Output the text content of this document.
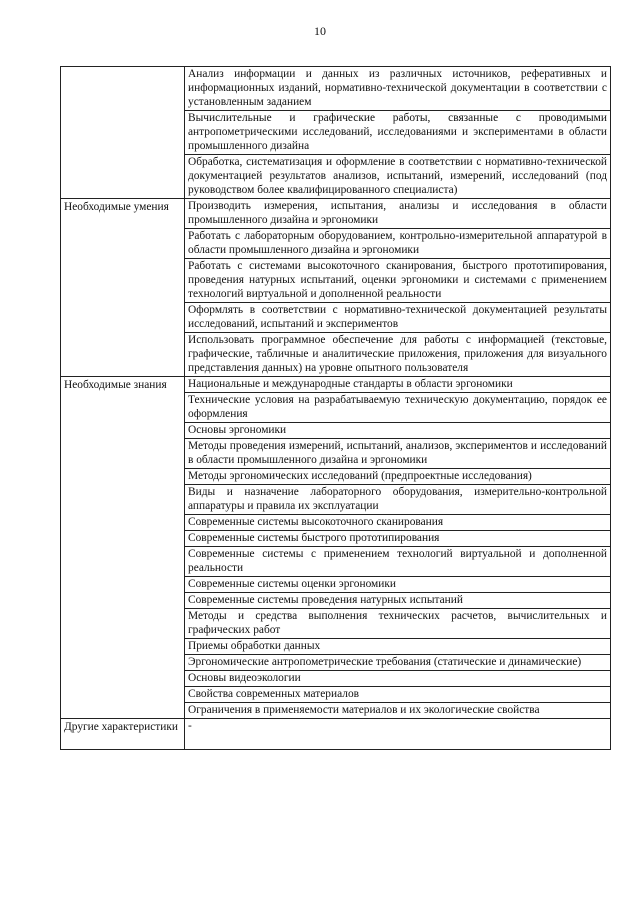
10
	Анализ информации и данных из различных источников, реферативных и информационных изданий, нормативно-технической документации в соответствии с установленным заданием
	Вычислительные и графические работы, связанные с проводимыми антропометрическими исследований, исследованиями и экспериментами в области промышленного дизайна
	Обработка, систематизация и оформление в соответствии с нормативно-технической документацией результатов анализов, испытаний, измерений, исследований (под руководством более квалифицированного специалиста)
Необходимые умения	Производить измерения, испытания, анализы и исследования в области промышленного дизайна и эргономики
	Работать с лабораторным оборудованием, контрольно-измерительной аппаратурой в области промышленного дизайна и эргономики
	Работать с системами высокоточного сканирования, быстрого прототипирования, проведения натурных испытаний, оценки эргономики и системами с применением технологий виртуальной и дополненной реальности
	Оформлять в соответствии с нормативно-технической документацией результаты исследований, испытаний и экспериментов
	Использовать программное обеспечение для работы с информацией (текстовые, графические, табличные и аналитические приложения, приложения для визуального представления данных) на уровне опытного пользователя
Необходимые знания	Национальные и международные стандарты в области эргономики
	Технические условия на разрабатываемую техническую документацию, порядок ее оформления
	Основы эргономики
	Методы проведения измерений, испытаний, анализов, экспериментов и исследований в области промышленного дизайна и эргономики
	Методы эргономических исследований (предпроектные исследования)
	Виды и назначение лабораторного оборудования, измерительно-контрольной аппаратуры и правила их эксплуатации
	Современные системы высокоточного сканирования
	Современные системы быстрого прототипирования
	Современные системы с применением технологий виртуальной и дополненной реальности
	Современные системы оценки эргономики
	Современные системы проведения натурных испытаний
	Методы и средства выполнения технических расчетов, вычислительных и графических работ
	Приемы обработки данных
	Эргономические антропометрические требования (статические и динамические)
	Основы видеоэкологии
	Свойства современных материалов
	Ограничения в применяемости материалов и их экологические свойства
Другие характеристики	-
